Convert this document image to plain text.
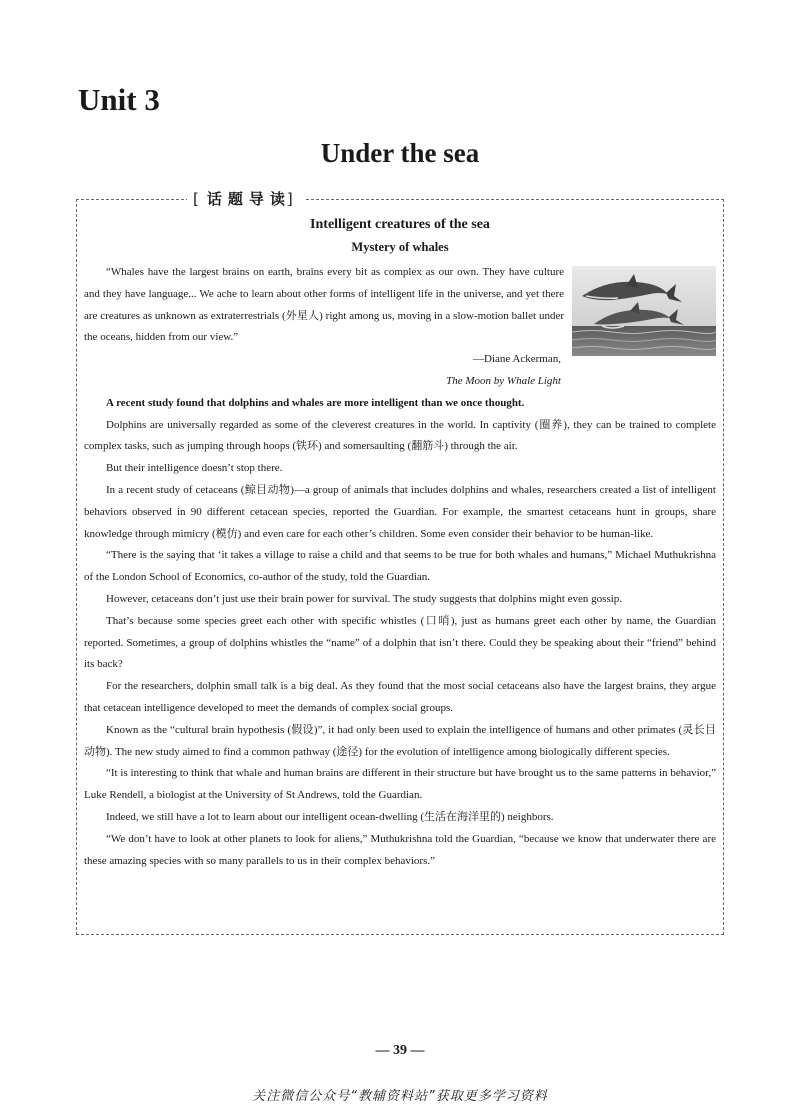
Unit 3
Under the sea
[ 话题导读 ]
Intelligent creatures of the sea
Mystery of whales

“Whales have the largest brains on earth, brains every bit as complex as our own. They have culture and they have language... We ache to learn about other forms of intelligent life in the universe, and yet there are creatures as unknown as extraterrestrials (外星人) right among us, moving in a slow-motion ballet under the oceans, hidden from our view.”

—Diane Ackerman,

The Moon by Whale Light

A recent study found that dolphins and whales are more intelligent than we once thought.

Dolphins are universally regarded as some of the cleverest creatures in the world. In captivity (圈养), they can be trained to complete complex tasks, such as jumping through hoops (铁环) and somersaulting (翻筋斗) through the air.

But their intelligence doesn’t stop there.

In a recent study of cetaceans (鲸目动物)—a group of animals that includes dolphins and whales, researchers created a list of intelligent behaviors observed in 90 different cetacean species, reported the Guardian. For example, the smartest cetaceans hunt in groups, share knowledge through mimicry (模仿) and even care for each other’s children. Some even consider their behavior to be human-like.

“There is the saying that ‘it takes a village to raise a child and that seems to be true for both whales and humans,” Michael Muthukrishna of the London School of Economics, co-author of the study, told the Guardian.

However, cetaceans don’t just use their brain power for survival. The study suggests that dolphins might even gossip.

That’s because some species greet each other with specific whistles (口哨), just as humans greet each other by name, the Guardian reported. Sometimes, a group of dolphins whistles the “name” of a dolphin that isn’t there. Could they be speaking about their “friend” behind its back?

For the researchers, dolphin small talk is a big deal. As they found that the most social cetaceans also have the largest brains, they argue that cetacean intelligence developed to meet the demands of complex social groups.

Known as the “cultural brain hypothesis (假设)”, it had only been used to explain the intelligence of humans and other primates (灵长目动物). The new study aimed to find a common pathway (途径) for the evolution of intelligence among biologically different species.

“It is interesting to think that whale and human brains are different in their structure but have brought us to the same patterns in behavior,” Luke Rendell, a biologist at the University of St Andrews, told the Guardian.

Indeed, we still have a lot to learn about our intelligent ocean-dwelling (生活在海洋里的) neighbors.

“We don’t have to look at other planets to look for aliens,” Muthukrishna told the Guardian, “because we know that underwater there are these amazing species with so many parallels to us in their complex behaviors.”

— 39 —
关注微信公众号“教辅资料站”获取更多学习资料
